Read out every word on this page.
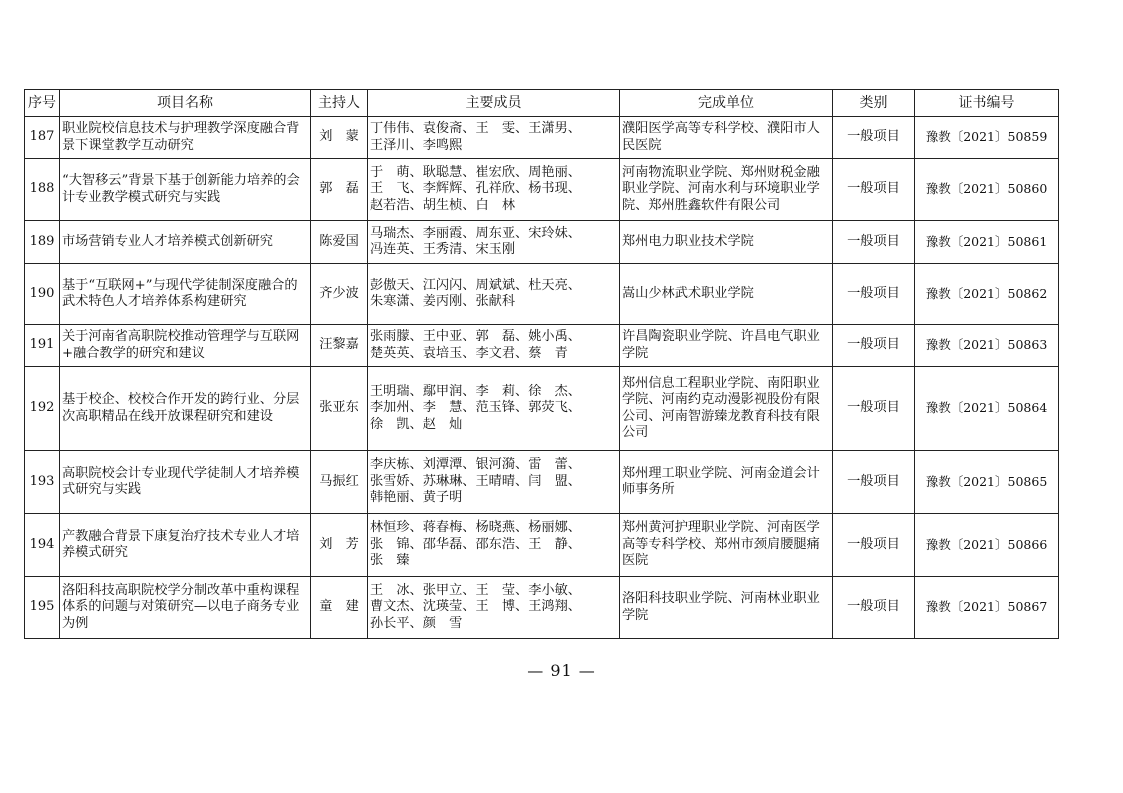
序号	项目名称	主持人	主要成员	完成单位	类别	证书编号
187	职业院校信息技术与护理教学深度融合背景下课堂教学互动研究	刘　蒙	丁伟伟、袁俊斋、王　雯、王潇男、
王泽川、李鸣熙	濮阳医学高等专科学校、濮阳市人民医院	一般项目	豫教〔2021〕50859
188	“大智移云”背景下基于创新能力培养的会计专业教学模式研究与实践	郭　磊	于　萌、耿聪慧、崔宏欣、周艳丽、
王　飞、李辉辉、孔祥欣、杨书现、
赵若浩、胡生桢、白　林	河南物流职业学院、郑州财税金融职业学院、河南水利与环境职业学院、郑州胜鑫软件有限公司	一般项目	豫教〔2021〕50860
189	市场营销专业人才培养模式创新研究	陈爱国	马瑞杰、李丽霞、周东亚、宋玲妹、
冯连英、王秀清、宋玉刚	郑州电力职业技术学院	一般项目	豫教〔2021〕50861
190	基于“互联网+”与现代学徒制深度融合的武术特色人才培养体系构建研究	齐少波	彭傲天、江闪闪、周斌斌、杜天亮、
朱寒潇、姜丙刚、张献科	嵩山少林武术职业学院	一般项目	豫教〔2021〕50862
191	关于河南省高职院校推动管理学与互联网+融合教学的研究和建议	汪黎嘉	张雨朦、王中亚、郭　磊、姚小禹、
楚英英、袁培玉、李文君、蔡　青	许昌陶瓷职业学院、许昌电气职业学院	一般项目	豫教〔2021〕50863
192	基于校企、校校合作开发的跨行业、分层次高职精品在线开放课程研究和建设	张亚东	王明瑞、鄢甲润、李　莉、徐　杰、
李加州、李　慧、范玉锋、郭荧飞、
徐　凯、赵　灿	郑州信息工程职业学院、南阳职业学院、河南约克动漫影视股份有限公司、河南智游臻龙教育科技有限公司	一般项目	豫教〔2021〕50864
193	高职院校会计专业现代学徒制人才培养模式研究与实践	马振红	李庆栋、刘潭潭、银河漪、雷　蕾、
张雪娇、苏琳琳、王晴晴、闫　盟、
韩艳丽、黄子明	郑州理工职业学院、河南金道会计师事务所	一般项目	豫教〔2021〕50865
194	产教融合背景下康复治疗技术专业人才培养模式研究	刘　芳	林恒珍、蒋春梅、杨晓燕、杨丽娜、
张　锦、邵华磊、邵东浩、王　静、
张　臻	郑州黄河护理职业学院、河南医学高等专科学校、郑州市颈肩腰腿痛医院	一般项目	豫教〔2021〕50866
195	洛阳科技高职院校学分制改革中重构课程体系的问题与对策研究—以电子商务专业为例	童　建	王　冰、张甲立、王　莹、李小敏、
曹文杰、沈瑛莹、王　博、王鸿翔、
孙长平、颜　雪	洛阳科技职业学院、河南林业职业学院	一般项目	豫教〔2021〕50867
— 91 —
